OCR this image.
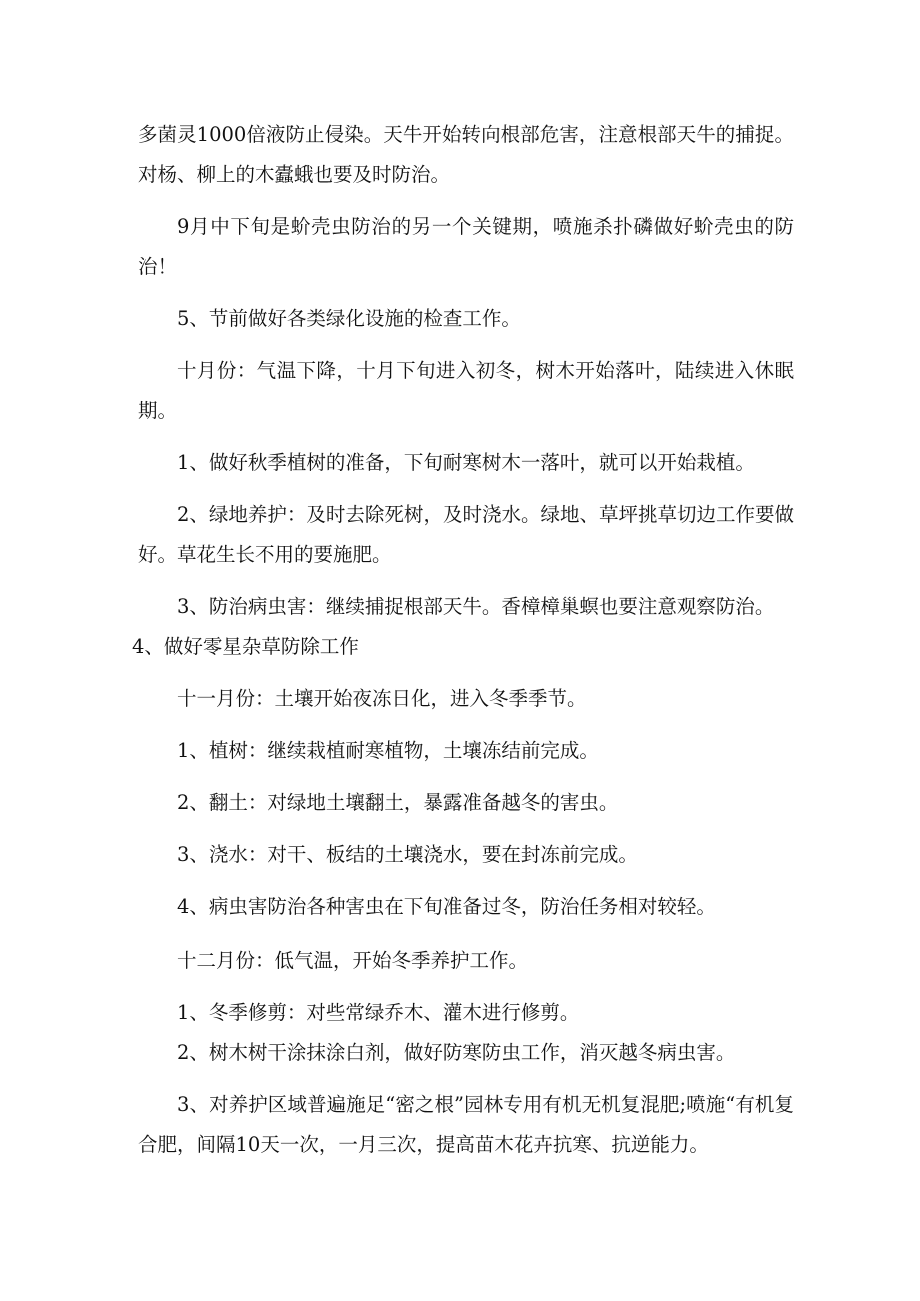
多菌灵1000倍液防止侵染。天牛开始转向根部危害，注意根部天牛的捕捉。对杨、柳上的木蠹蛾也要及时防治。

9月中下旬是蚧壳虫防治的另一个关键期，喷施杀扑磷做好蚧壳虫的防治！

5、节前做好各类绿化设施的检查工作。

十月份：气温下降，十月下旬进入初冬，树木开始落叶，陆续进入休眠期。

1、做好秋季植树的准备，下旬耐寒树木一落叶，就可以开始栽植。

2、绿地养护：及时去除死树，及时浇水。绿地、草坪挑草切边工作要做好。草花生长不用的要施肥。

3、防治病虫害：继续捕捉根部天牛。香樟樟巢螟也要注意观察防治。

4、做好零星杂草防除工作

十一月份：土壤开始夜冻日化，进入冬季季节。

1、植树：继续栽植耐寒植物，土壤冻结前完成。

2、翻土：对绿地土壤翻土，暴露准备越冬的害虫。

3、浇水：对干、板结的土壤浇水，要在封冻前完成。

4、病虫害防治各种害虫在下旬准备过冬，防治任务相对较轻。

十二月份：低气温，开始冬季养护工作。

1、冬季修剪：对些常绿乔木、灌木进行修剪。

2、树木树干涂抹涂白剂，做好防寒防虫工作，消灭越冬病虫害。

3、对养护区域普遍施足“密之根”园林专用有机无机复混肥;喷施“有机复合肥，间隔10天一次，一月三次，提高苗木花卉抗寒、抗逆能力。
